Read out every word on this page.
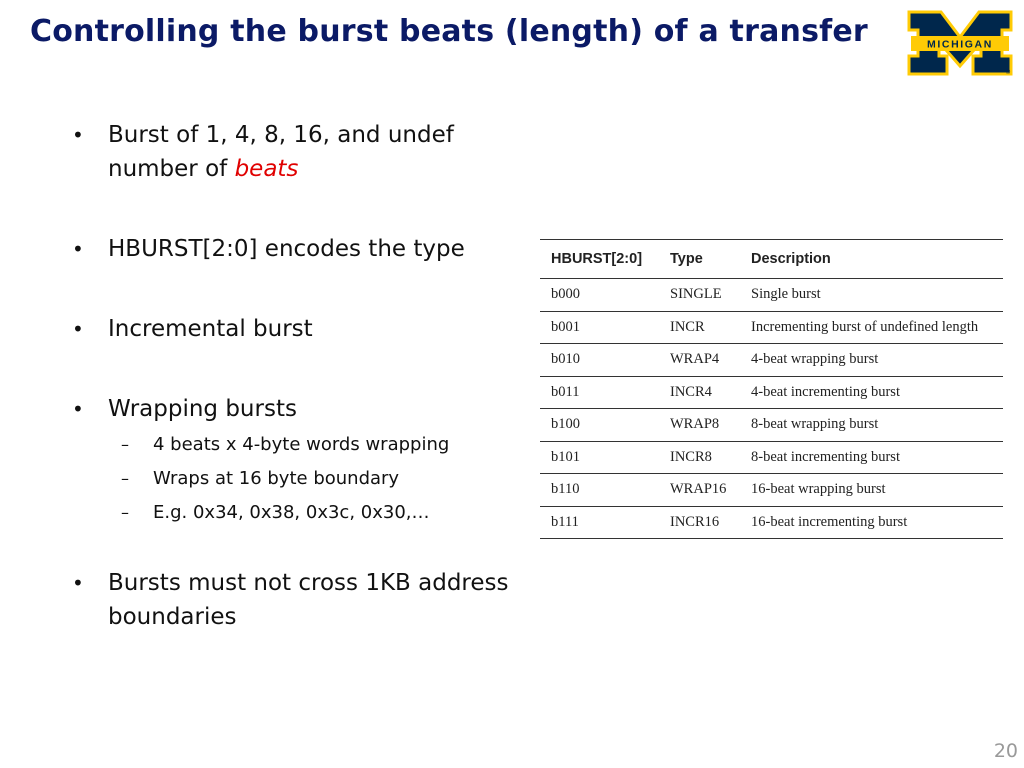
Controlling the burst beats (length) of a transfer	MICHIGAN
®
• Burst of 1, 4, 8, 16, and undef number of beats
• HBURST[2:0] encodes the type
• Incremental burst
• Wrapping bursts
– 4 beats x 4-byte words wrapping
– Wraps at 16 byte boundary
– E.g. 0x34, 0x38, 0x3c, 0x30,…
• Bursts must not cross 1KB address boundaries
HBURST[2:0]	Type	Description
b000	SINGLE	Single burst
b001	INCR	Incrementing burst of undefined length
b010	WRAP4	4-beat wrapping burst
b011	INCR4	4-beat incrementing burst
b100	WRAP8	8-beat wrapping burst
b101	INCR8	8-beat incrementing burst
b110	WRAP16	16-beat wrapping burst
b111	INCR16	16-beat incrementing burst
20
